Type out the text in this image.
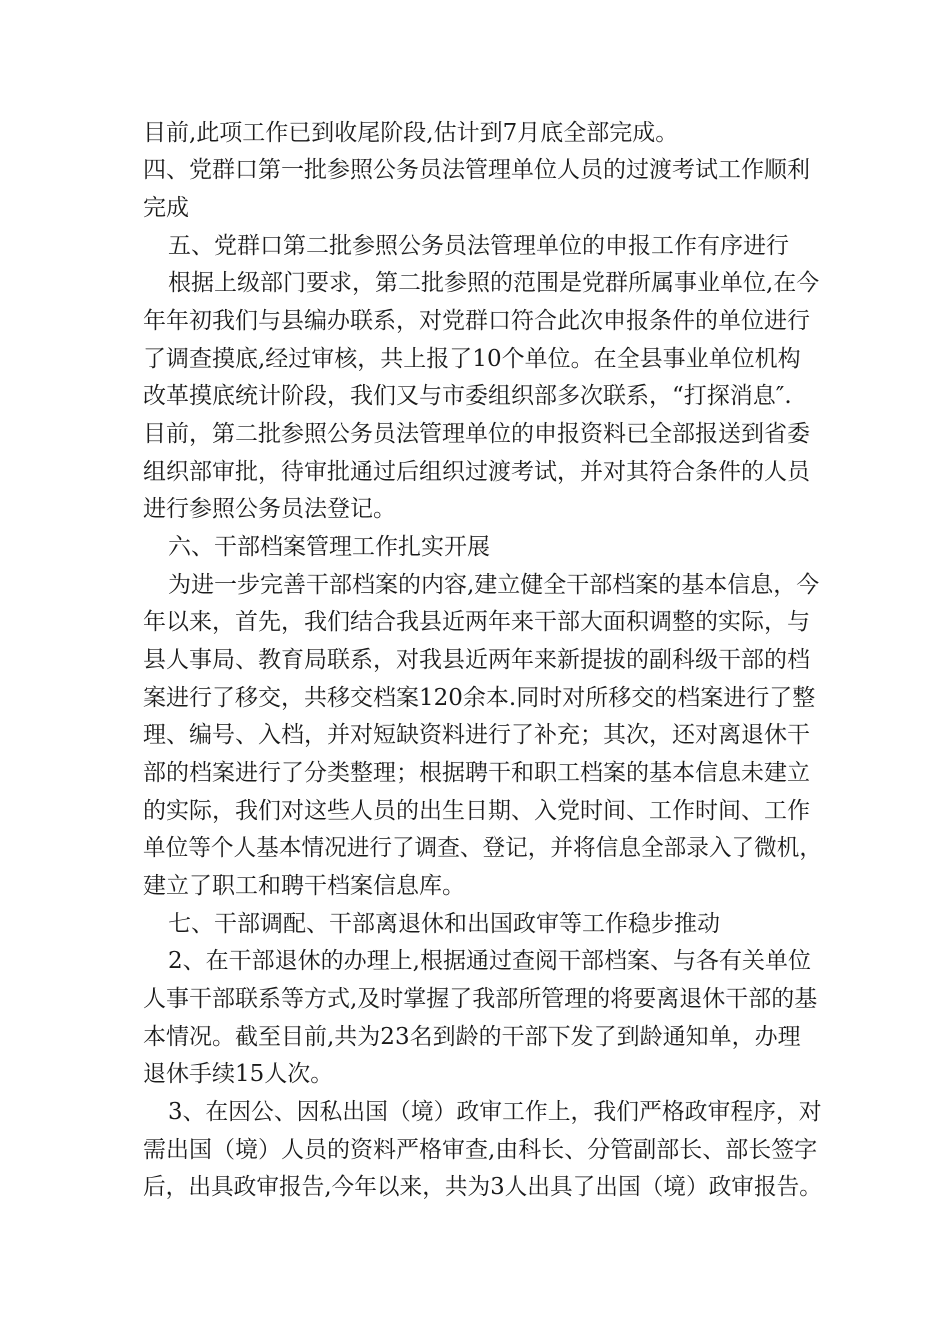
目前,此项工作已到收尾阶段,估计到7月底全部完成。
四、党群口第一批参照公务员法管理单位人员的过渡考试工作顺利
完成
五、党群口第二批参照公务员法管理单位的申报工作有序进行
根据上级部门要求，第二批参照的范围是党群所属事业单位,在今
年年初我们与县编办联系，对党群口符合此次申报条件的单位进行
了调查摸底,经过审核，共上报了10个单位。在全县事业单位机构
改革摸底统计阶段，我们又与市委组织部多次联系，“打探消息″.
目前，第二批参照公务员法管理单位的申报资料已全部报送到省委
组织部审批，待审批通过后组织过渡考试，并对其符合条件的人员
进行参照公务员法登记。
六、干部档案管理工作扎实开展
为进一步完善干部档案的内容,建立健全干部档案的基本信息，今
年以来，首先，我们结合我县近两年来干部大面积调整的实际，与
县人事局、教育局联系，对我县近两年来新提拔的副科级干部的档
案进行了移交，共移交档案120余本.同时对所移交的档案进行了整
理、编号、入档，并对短缺资料进行了补充；其次，还对离退休干
部的档案进行了分类整理；根据聘干和职工档案的基本信息未建立
的实际，我们对这些人员的出生日期、入党时间、工作时间、工作
单位等个人基本情况进行了调查、登记，并将信息全部录入了微机，
建立了职工和聘干档案信息库。
七、干部调配、干部离退休和出国政审等工作稳步推动
2、在干部退休的办理上,根据通过查阅干部档案、与各有关单位
人事干部联系等方式,及时掌握了我部所管理的将要离退休干部的基
本情况。截至目前,共为23名到龄的干部下发了到龄通知单，办理
退休手续15人次。
3、在因公、因私出国（境）政审工作上，我们严格政审程序，对
需出国（境）人员的资料严格审查,由科长、分管副部长、部长签字
后，出具政审报告,今年以来，共为3人出具了出国（境）政审报告。
